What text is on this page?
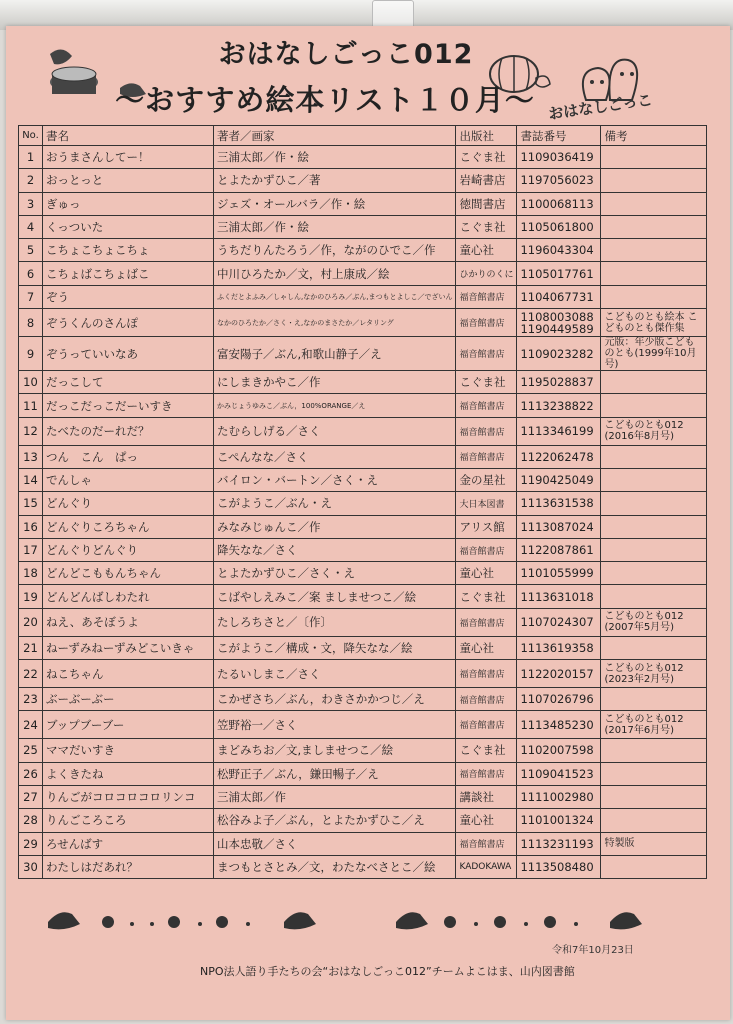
おはなしごっこ012
～おすすめ絵本リスト１０月～ おはなしごっこ
No.	書名	著者／画家	出版社	書誌番号	備考
1	おうまさんしてー！	三浦太郎／作・絵	こぐま社	1109036419	
2	おっとっと	とよたかずひこ／著	岩崎書店	1197056023	
3	ぎゅっ	ジェズ・オールバラ／作・絵	徳間書店	1100068113	
4	くっついた	三浦太郎／作・絵	こぐま社	1105061800	
5	こちょこちょこちょ	うちだりんたろう／作，ながのひでこ／作	童心社	1196043304	
6	こちょばこちょばこ	中川ひろたか／文，村上康成／絵	ひかりのくに	1105017761	
7	ぞう	ふくだとよふみ／しゃしん,なかのひろみ／ぶん,まつもとよしこ／でざいん	福音館書店	1104067731	
8	ぞうくんのさんぽ	なかのひろたか／さく・え,なかのまさたか／レタリング	福音館書店	1108003088 1190449589	こどものとも絵本 こどものとも傑作集
9	ぞうっていいなあ	富安陽子／ぶん,和歌山静子／え	福音館書店	1109023282	元版：年少版こどものとも(1999年10月号)
10	だっこして	にしまきかやこ／作	こぐま社	1195028837	
11	だっこだっこだーいすき	かみじょうゆみこ／ぶん，100%ORANGE／え	福音館書店	1113238822	
12	たべたのだーれだ？	たむらしげる／さく	福音館書店	1113346199	こどものとも012 (2016年8月号)
13	つん　こん　ぱっ	こぺんなな／さく	福音館書店	1122062478	
14	でんしゃ	バイロン・バートン／さく・え	金の星社	1190425049	
15	どんぐり	こがようこ／ぶん・え	大日本図書	1113631538	
16	どんぐりころちゃん	みなみじゅんこ／作	アリス館	1113087024	
17	どんぐりどんぐり	降矢なな／さく	福音館書店	1122087861	
18	どんどこももんちゃん	とよたかずひこ／さく・え	童心社	1101055999	
19	どんどんばしわたれ	こばやしえみこ／案 ましませつこ／絵	こぐま社	1113631018	
20	ねえ、あそぼうよ	たしろちさと／〔作〕	福音館書店	1107024307	こどものとも012 (2007年5月号)
21	ねーずみねーずみどこいきゃ	こがようこ／構成・文，降矢なな／絵	童心社	1113619358	
22	ねこちゃん	たるいしまこ／さく	福音館書店	1122020157	こどものとも012 (2023年2月号)
23	ぶーぶーぶー	こかぜさち／ぶん，わきさかかつじ／え	福音館書店	1107026796	
24	ブップブーブー	笠野裕一／さく	福音館書店	1113485230	こどものとも012 (2017年6月号)
25	ママだいすき	まどみちお／文,ましませつこ／絵	こぐま社	1102007598	
26	よくきたね	松野正子／ぶん，鎌田暢子／え	福音館書店	1109041523	
27	りんごがコロコロコロリンコ	三浦太郎／作	講談社	1111002980	
28	りんごころころ	松谷みよ子／ぶん，とよたかずひこ／え	童心社	1101001324	
29	ろせんばす	山本忠敬／さく	福音館書店	1113231193	特製版
30	わたしはだあれ？	まつもとさとみ／文，わたなべさとこ／絵	KADOKAWA	1113508480	
令和7年10月23日
NPO法人語り手たちの会“おはなしごっこ012”チームよこはま、山内図書館
